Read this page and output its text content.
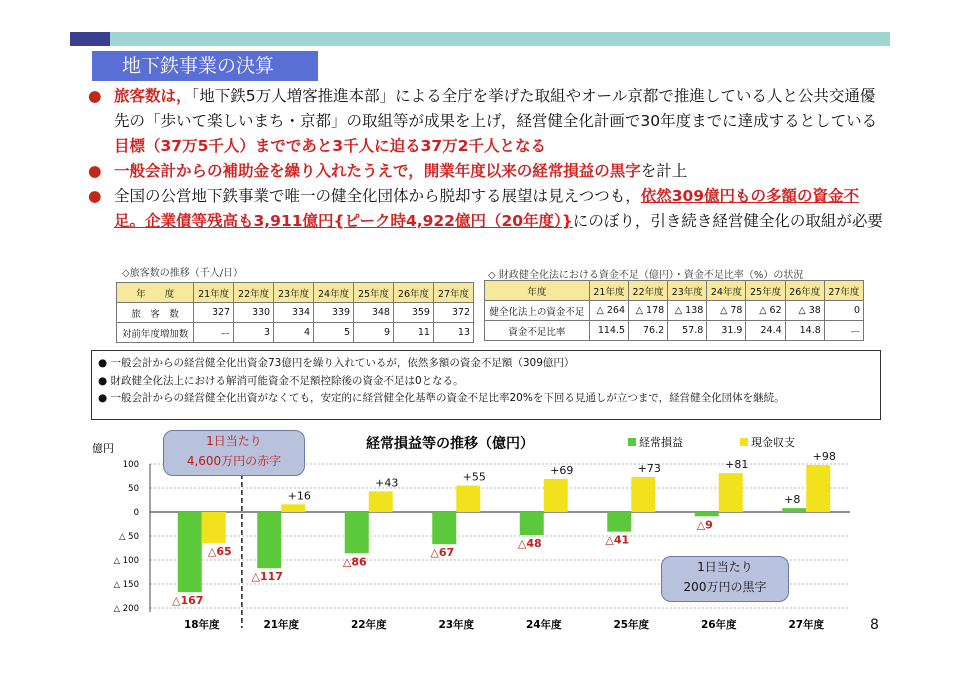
地下鉄事業の決算
● 旅客数は，「地下鉄5万人増客推進本部」による全庁を挙げた取組やオール京都で推進している人と公共交通優先の「歩いて楽しいまち・京都」の取組等が成果を上げ，経営健全化計画で30年度までに達成するとしている目標（37万5千人）までであと3千人に迫る37万2千人となる
● 一般会計からの補助金を繰り入れたうえで，開業年度以来の経常損益の黒字を計上
● 全国の公営地下鉄事業で唯一の健全化団体から脱却する展望は見えつつも，依然309億円もの多額の資金不足。企業債等残高も3,911億円{ピーク時4,922億円（20年度）}にのぼり，引き続き経営健全化の取組が必要
◇旅客数の推移（千人/日）
年　　度	21年度	22年度	23年度	24年度	25年度	26年度	27年度
旅　客　数	327	330	334	339	348	359	372
対前年度増加数	ー	3	4	5	9	11	13
◇ 財政健全化法における資金不足（億円）・資金不足比率（%）の状況
年度	21年度	22年度	23年度	24年度	25年度	26年度	27年度
健全化法上の資金不足	△ 264	△ 178	△ 138	△ 78	△ 62	△ 38	0
資金不足比率	114.5	76.2	57.8	31.9	24.4	14.8	ー
● 一般会計からの経営健全化出資金73億円を繰り入れているが，依然多額の資金不足額（309億円）
● 財政健全化法上における解消可能資金不足額控除後の資金不足は0となる。
● 一般会計からの経営健全化出資がなくても，安定的に経営健全化基準の資金不足比率20%を下回る見通しが立つまで，経営健全化団体を継続。
経常損益等の推移（億円）
億円	経常損益	現金収支
100
50
0
△ 50
△ 100
△ 150
△ 200
△167
△65
18年度
△117
+16
21年度
△86
+43
22年度
△67
+55
23年度
△48
+69
24年度
△41
+73
25年度
△9
+81
26年度
+8
+98
27年度
1日当たり
4,600万円の赤字
1日当たり
200万円の黒字
8
